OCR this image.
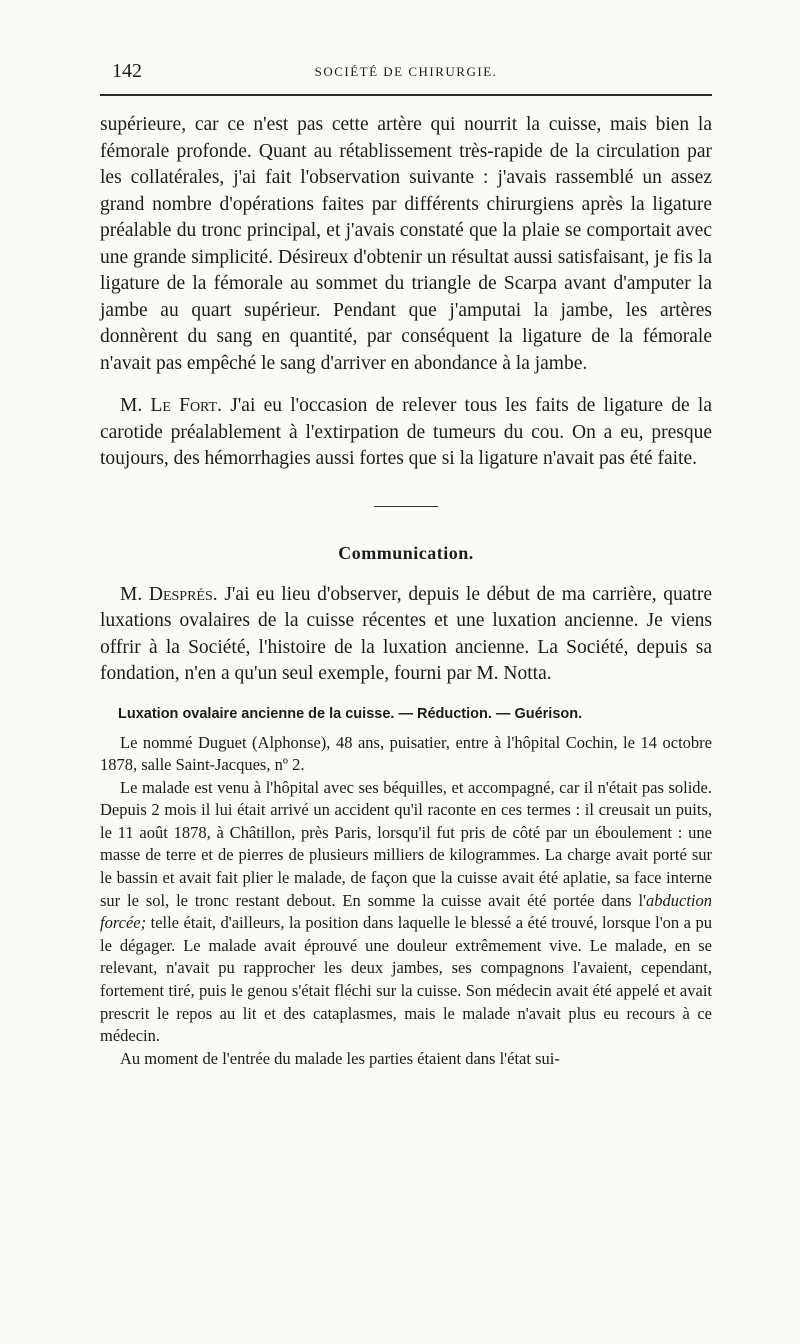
142	SOCIÉTÉ DE CHIRURGIE.

supérieure, car ce n'est pas cette artère qui nourrit la cuisse, mais bien la fémorale profonde. Quant au rétablissement très-rapide de la circulation par les collatérales, j'ai fait l'observation suivante : j'avais rassemblé un assez grand nombre d'opérations faites par différents chirurgiens après la ligature préalable du tronc principal, et j'avais constaté que la plaie se comportait avec une grande simplicité. Désireux d'obtenir un résultat aussi satisfaisant, je fis la ligature de la fémorale au sommet du triangle de Scarpa avant d'amputer la jambe au quart supérieur. Pendant que j'amputai la jambe, les artères donnèrent du sang en quantité, par conséquent la ligature de la fémorale n'avait pas empêché le sang d'arriver en abondance à la jambe.

M. Le Fort. J'ai eu l'occasion de relever tous les faits de ligature de la carotide préalablement à l'extirpation de tumeurs du cou. On a eu, presque toujours, des hémorrhagies aussi fortes que si la ligature n'avait pas été faite.

Communication.

M. Després. J'ai eu lieu d'observer, depuis le début de ma carrière, quatre luxations ovalaires de la cuisse récentes et une luxation ancienne. Je viens offrir à la Société, l'histoire de la luxation ancienne. La Société, depuis sa fondation, n'en a qu'un seul exemple, fourni par M. Notta.

Luxation ovalaire ancienne de la cuisse. — Réduction. — Guérison.

Le nommé Duguet (Alphonse), 48 ans, puisatier, entre à l'hôpital Cochin, le 14 octobre 1878, salle Saint-Jacques, nº 2.

Le malade est venu à l'hôpital avec ses béquilles, et accompagné, car il n'était pas solide. Depuis 2 mois il lui était arrivé un accident qu'il raconte en ces termes : il creusait un puits, le 11 août 1878, à Châtillon, près Paris, lorsqu'il fut pris de côté par un éboulement : une masse de terre et de pierres de plusieurs milliers de kilogrammes. La charge avait porté sur le bassin et avait fait plier le malade, de façon que la cuisse avait été aplatie, sa face interne sur le sol, le tronc restant debout. En somme la cuisse avait été portée dans l'abduction forcée; telle était, d'ailleurs, la position dans laquelle le blessé a été trouvé, lorsque l'on a pu le dégager. Le malade avait éprouvé une douleur extrêmement vive. Le malade, en se relevant, n'avait pu rapprocher les deux jambes, ses compagnons l'avaient, cependant, fortement tiré, puis le genou s'était fléchi sur la cuisse. Son médecin avait été appelé et avait prescrit le repos au lit et des cataplasmes, mais le malade n'avait plus eu recours à ce médecin.

Au moment de l'entrée du malade les parties étaient dans l'état sui-
